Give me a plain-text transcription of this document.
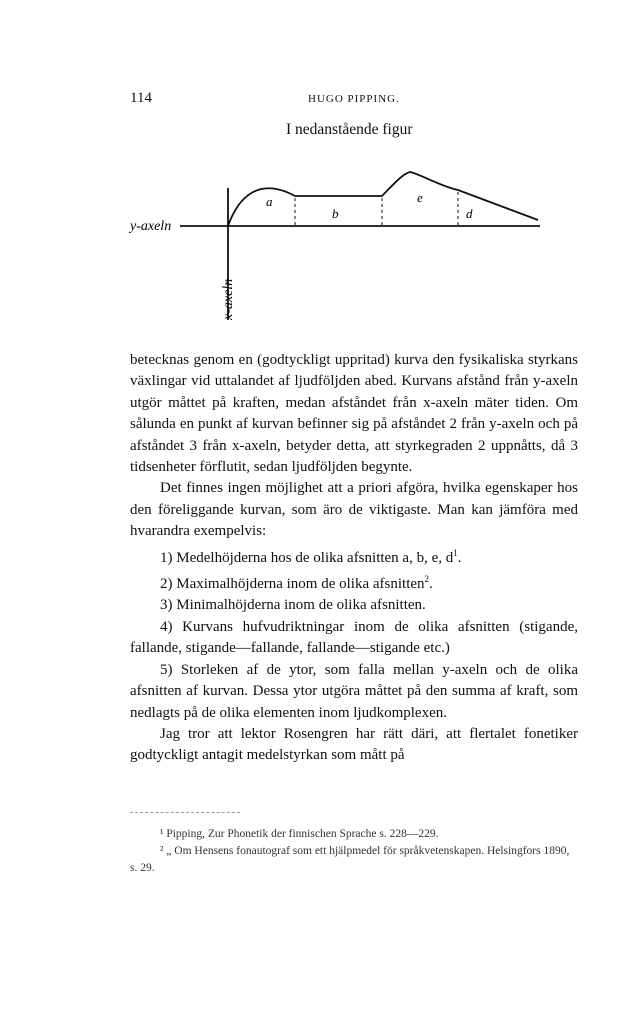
114	HUGO PIPPING.
I nedanstående figur
y-axeln
x-axeln
a
b
e
d

betecknas genom en (godtyckligt uppritad) kurva den fysikaliska styrkans växlingar vid uttalandet af ljudföljden abed. Kurvans afstånd från y-axeln utgör måttet på kraften, medan afståndet från x-axeln mäter tiden. Om sålunda en punkt af kurvan befinner sig på afståndet 2 från y-axeln och på afståndet 3 från x-axeln, betyder detta, att styrkegraden 2 uppnåtts, då 3 tidsenheter förflutit, sedan ljudföljden begynte.

Det finnes ingen möjlighet att a priori afgöra, hvilka egenskaper hos den föreliggande kurvan, som äro de viktigaste. Man kan jämföra med hvarandra exempelvis:

1) Medelhöjderna hos de olika afsnitten a, b, e, $d^1$.

2) Maximalhöjderna inom de olika afsnitten$^2$.

3) Minimalhöjderna inom de olika afsnitten.

4) Kurvans hufvudriktningar inom de olika afsnitten (stigande, fallande, stigande—fallande, fallande—stigande etc.)

5) Storleken af de ytor, som falla mellan y-axeln och de olika afsnitten af kurvan. Dessa ytor utgöra måttet på den summa af kraft, som nedlagts på de olika elementen inom ljudkomplexen.

Jag tror att lektor Rosengren har rätt däri, att flertalet fonetiker godtyckligt antagit medelstyrkan som mått på

¹ Pipping, Zur Phonetik der finnischen Sprache s. 228—229.

² „ Om Hensens fonautograf som ett hjälpmedel för språkvetenskapen. Helsingfors 1890, s. 29.
